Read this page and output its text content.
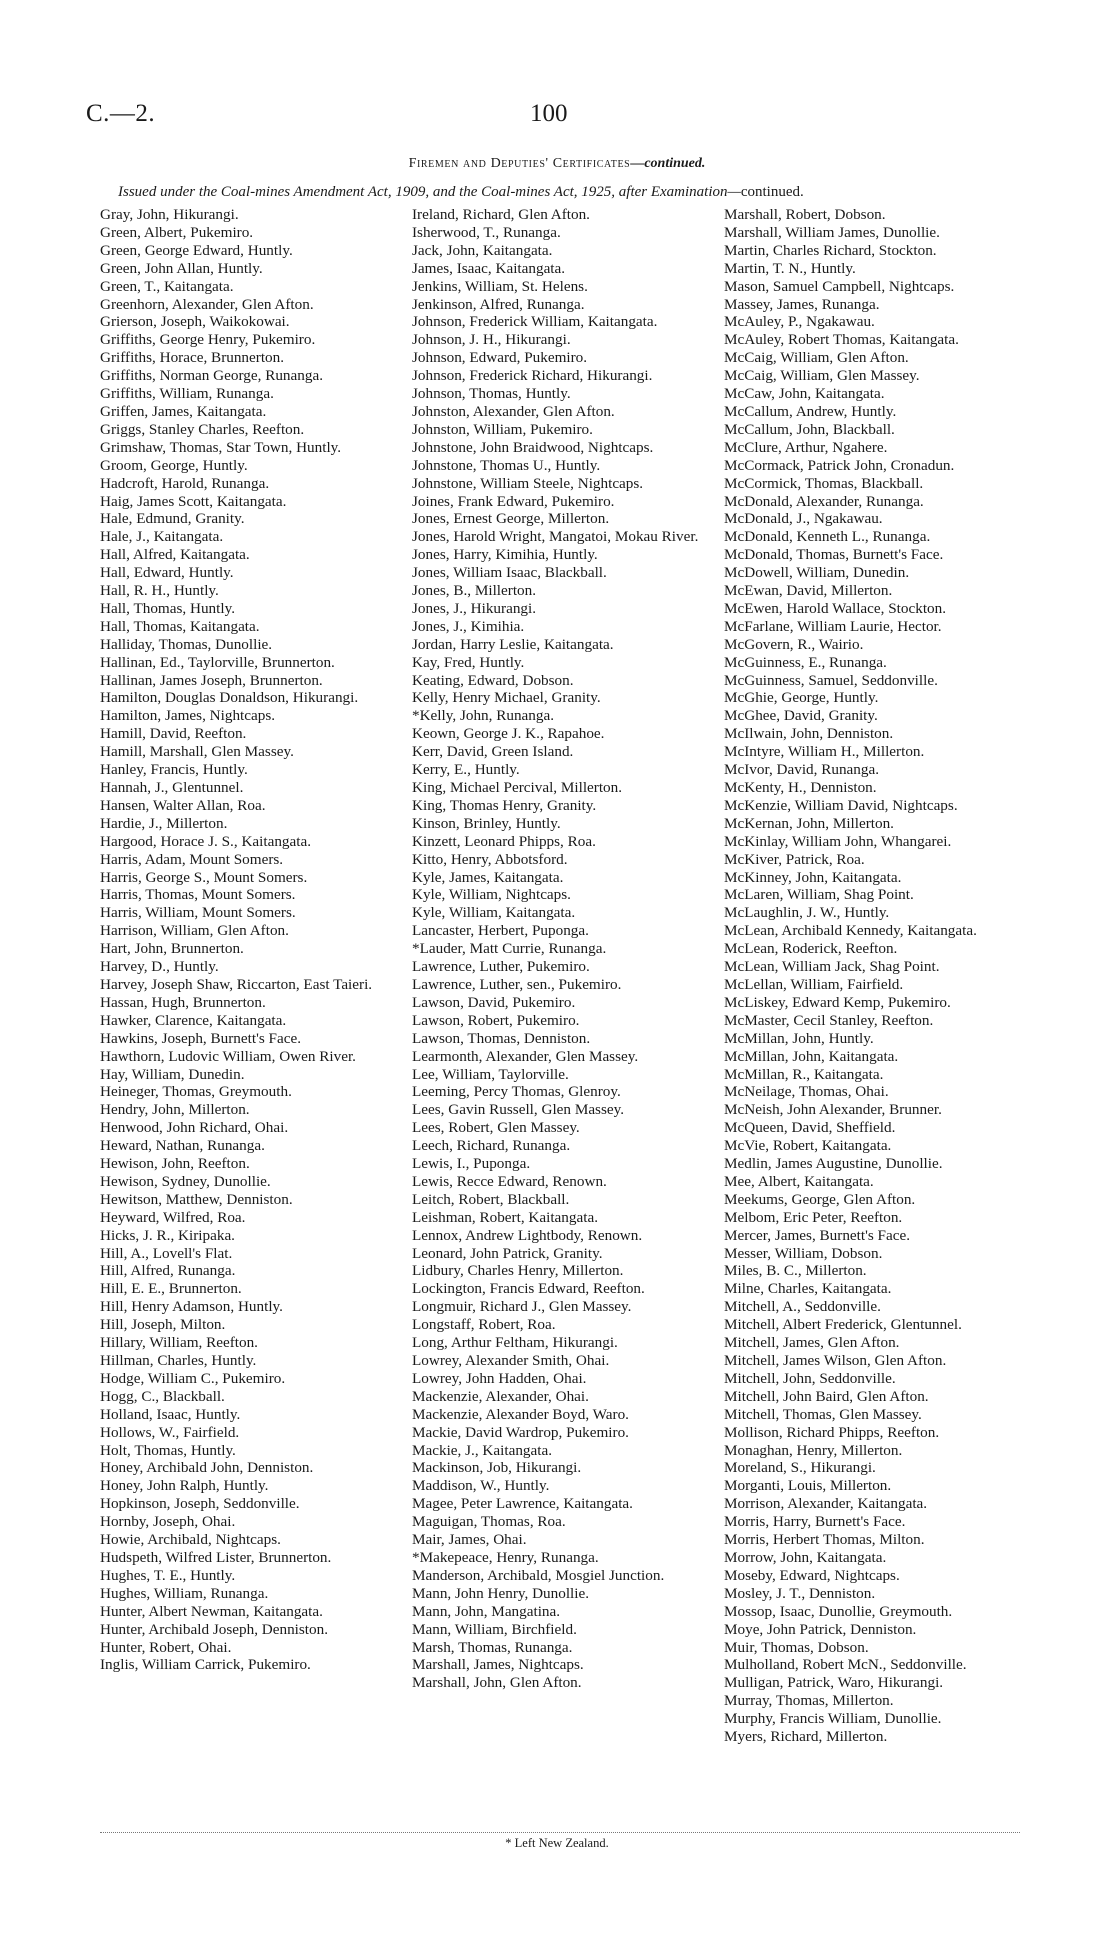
C.—2.	100
Firemen and Deputies' Certificates—continued.
Issued under the Coal-mines Amendment Act, 1909, and the Coal-mines Act, 1925, after Examination—continued.
Gray, John, Hikurangi.
Green, Albert, Pukemiro.
Green, George Edward, Huntly.
Green, John Allan, Huntly.
Green, T., Kaitangata.
Greenhorn, Alexander, Glen Afton.
Grierson, Joseph, Waikokowai.
Griffiths, George Henry, Pukemiro.
Griffiths, Horace, Brunnerton.
Griffiths, Norman George, Runanga.
Griffiths, William, Runanga.
Griffen, James, Kaitangata.
Griggs, Stanley Charles, Reefton.
Grimshaw, Thomas, Star Town, Huntly.
Groom, George, Huntly.
Hadcroft, Harold, Runanga.
Haig, James Scott, Kaitangata.
Hale, Edmund, Granity.
Hale, J., Kaitangata.
Hall, Alfred, Kaitangata.
Hall, Edward, Huntly.
Hall, R. H., Huntly.
Hall, Thomas, Huntly.
Hall, Thomas, Kaitangata.
Halliday, Thomas, Dunollie.
Hallinan, Ed., Taylorville, Brunnerton.
Hallinan, James Joseph, Brunnerton.
Hamilton, Douglas Donaldson, Hikurangi.
Hamilton, James, Nightcaps.
Hamill, David, Reefton.
Hamill, Marshall, Glen Massey.
Hanley, Francis, Huntly.
Hannah, J., Glentunnel.
Hansen, Walter Allan, Roa.
Hardie, J., Millerton.
Hargood, Horace J. S., Kaitangata.
Harris, Adam, Mount Somers.
Harris, George S., Mount Somers.
Harris, Thomas, Mount Somers.
Harris, William, Mount Somers.
Harrison, William, Glen Afton.
Hart, John, Brunnerton.
Harvey, D., Huntly.
Harvey, Joseph Shaw, Riccarton, East Taieri.
Hassan, Hugh, Brunnerton.
Hawker, Clarence, Kaitangata.
Hawkins, Joseph, Burnett's Face.
Hawthorn, Ludovic William, Owen River.
Hay, William, Dunedin.
Heineger, Thomas, Greymouth.
Hendry, John, Millerton.
Henwood, John Richard, Ohai.
Heward, Nathan, Runanga.
Hewison, John, Reefton.
Hewison, Sydney, Dunollie.
Hewitson, Matthew, Denniston.
Heyward, Wilfred, Roa.
Hicks, J. R., Kiripaka.
Hill, A., Lovell's Flat.
Hill, Alfred, Runanga.
Hill, E. E., Brunnerton.
Hill, Henry Adamson, Huntly.
Hill, Joseph, Milton.
Hillary, William, Reefton.
Hillman, Charles, Huntly.
Hodge, William C., Pukemiro.
Hogg, C., Blackball.
Holland, Isaac, Huntly.
Hollows, W., Fairfield.
Holt, Thomas, Huntly.
Honey, Archibald John, Denniston.
Honey, John Ralph, Huntly.
Hopkinson, Joseph, Seddonville.
Hornby, Joseph, Ohai.
Howie, Archibald, Nightcaps.
Hudspeth, Wilfred Lister, Brunnerton.
Hughes, T. E., Huntly.
Hughes, William, Runanga.
Hunter, Albert Newman, Kaitangata.
Hunter, Archibald Joseph, Denniston.
Hunter, Robert, Ohai.
Inglis, William Carrick, Pukemiro.
Ireland, Richard, Glen Afton.
Isherwood, T., Runanga.
Jack, John, Kaitangata.
James, Isaac, Kaitangata.
Jenkins, William, St. Helens.
Jenkinson, Alfred, Runanga.
Johnson, Frederick William, Kaitangata.
Johnson, J. H., Hikurangi.
Johnson, Edward, Pukemiro.
Johnson, Frederick Richard, Hikurangi.
Johnson, Thomas, Huntly.
Johnston, Alexander, Glen Afton.
Johnston, William, Pukemiro.
Johnstone, John Braidwood, Nightcaps.
Johnstone, Thomas U., Huntly.
Johnstone, William Steele, Nightcaps.
Joines, Frank Edward, Pukemiro.
Jones, Ernest George, Millerton.
Jones, Harold Wright, Mangatoi, Mokau River.
Jones, Harry, Kimihia, Huntly.
Jones, William Isaac, Blackball.
Jones, B., Millerton.
Jones, J., Hikurangi.
Jones, J., Kimihia.
Jordan, Harry Leslie, Kaitangata.
Kay, Fred, Huntly.
Keating, Edward, Dobson.
Kelly, Henry Michael, Granity.
*Kelly, John, Runanga.
Keown, George J. K., Rapahoe.
Kerr, David, Green Island.
Kerry, E., Huntly.
King, Michael Percival, Millerton.
King, Thomas Henry, Granity.
Kinson, Brinley, Huntly.
Kinzett, Leonard Phipps, Roa.
Kitto, Henry, Abbotsford.
Kyle, James, Kaitangata.
Kyle, William, Nightcaps.
Kyle, William, Kaitangata.
Lancaster, Herbert, Puponga.
*Lauder, Matt Currie, Runanga.
Lawrence, Luther, Pukemiro.
Lawrence, Luther, sen., Pukemiro.
Lawson, David, Pukemiro.
Lawson, Robert, Pukemiro.
Lawson, Thomas, Denniston.
Learmonth, Alexander, Glen Massey.
Lee, William, Taylorville.
Leeming, Percy Thomas, Glenroy.
Lees, Gavin Russell, Glen Massey.
Lees, Robert, Glen Massey.
Leech, Richard, Runanga.
Lewis, I., Puponga.
Lewis, Recce Edward, Renown.
Leitch, Robert, Blackball.
Leishman, Robert, Kaitangata.
Lennox, Andrew Lightbody, Renown.
Leonard, John Patrick, Granity.
Lidbury, Charles Henry, Millerton.
Lockington, Francis Edward, Reefton.
Longmuir, Richard J., Glen Massey.
Longstaff, Robert, Roa.
Long, Arthur Feltham, Hikurangi.
Lowrey, Alexander Smith, Ohai.
Lowrey, John Hadden, Ohai.
Mackenzie, Alexander, Ohai.
Mackenzie, Alexander Boyd, Waro.
Mackie, David Wardrop, Pukemiro.
Mackie, J., Kaitangata.
Mackinson, Job, Hikurangi.
Maddison, W., Huntly.
Magee, Peter Lawrence, Kaitangata.
Maguigan, Thomas, Roa.
Mair, James, Ohai.
*Makepeace, Henry, Runanga.
Manderson, Archibald, Mosgiel Junction.
Mann, John Henry, Dunollie.
Mann, John, Mangatina.
Mann, William, Birchfield.
Marsh, Thomas, Runanga.
Marshall, James, Nightcaps.
Marshall, John, Glen Afton.
Marshall, Robert, Dobson.
Marshall, William James, Dunollie.
Martin, Charles Richard, Stockton.
Martin, T. N., Huntly.
Mason, Samuel Campbell, Nightcaps.
Massey, James, Runanga.
McAuley, P., Ngakawau.
McAuley, Robert Thomas, Kaitangata.
McCaig, William, Glen Afton.
McCaig, William, Glen Massey.
McCaw, John, Kaitangata.
McCallum, Andrew, Huntly.
McCallum, John, Blackball.
McClure, Arthur, Ngahere.
McCormack, Patrick John, Cronadun.
McCormick, Thomas, Blackball.
McDonald, Alexander, Runanga.
McDonald, J., Ngakawau.
McDonald, Kenneth L., Runanga.
McDonald, Thomas, Burnett's Face.
McDowell, William, Dunedin.
McEwan, David, Millerton.
McEwen, Harold Wallace, Stockton.
McFarlane, William Laurie, Hector.
McGovern, R., Wairio.
McGuinness, E., Runanga.
McGuinness, Samuel, Seddonville.
McGhie, George, Huntly.
McGhee, David, Granity.
McIlwain, John, Denniston.
McIntyre, William H., Millerton.
McIvor, David, Runanga.
McKenty, H., Denniston.
McKenzie, William David, Nightcaps.
McKernan, John, Millerton.
McKinlay, William John, Whangarei.
McKiver, Patrick, Roa.
McKinney, John, Kaitangata.
McLaren, William, Shag Point.
McLaughlin, J. W., Huntly.
McLean, Archibald Kennedy, Kaitangata.
McLean, Roderick, Reefton.
McLean, William Jack, Shag Point.
McLellan, William, Fairfield.
McLiskey, Edward Kemp, Pukemiro.
McMaster, Cecil Stanley, Reefton.
McMillan, John, Huntly.
McMillan, John, Kaitangata.
McMillan, R., Kaitangata.
McNeilage, Thomas, Ohai.
McNeish, John Alexander, Brunner.
McQueen, David, Sheffield.
McVie, Robert, Kaitangata.
Medlin, James Augustine, Dunollie.
Mee, Albert, Kaitangata.
Meekums, George, Glen Afton.
Melbom, Eric Peter, Reefton.
Mercer, James, Burnett's Face.
Messer, William, Dobson.
Miles, B. C., Millerton.
Milne, Charles, Kaitangata.
Mitchell, A., Seddonville.
Mitchell, Albert Frederick, Glentunnel.
Mitchell, James, Glen Afton.
Mitchell, James Wilson, Glen Afton.
Mitchell, John, Seddonville.
Mitchell, John Baird, Glen Afton.
Mitchell, Thomas, Glen Massey.
Mollison, Richard Phipps, Reefton.
Monaghan, Henry, Millerton.
Moreland, S., Hikurangi.
Morganti, Louis, Millerton.
Morrison, Alexander, Kaitangata.
Morris, Harry, Burnett's Face.
Morris, Herbert Thomas, Milton.
Morrow, John, Kaitangata.
Moseby, Edward, Nightcaps.
Mosley, J. T., Denniston.
Mossop, Isaac, Dunollie, Greymouth.
Moye, John Patrick, Denniston.
Muir, Thomas, Dobson.
Mulholland, Robert McN., Seddonville.
Mulligan, Patrick, Waro, Hikurangi.
Murray, Thomas, Millerton.
Murphy, Francis William, Dunollie.
Myers, Richard, Millerton.
* Left New Zealand.
